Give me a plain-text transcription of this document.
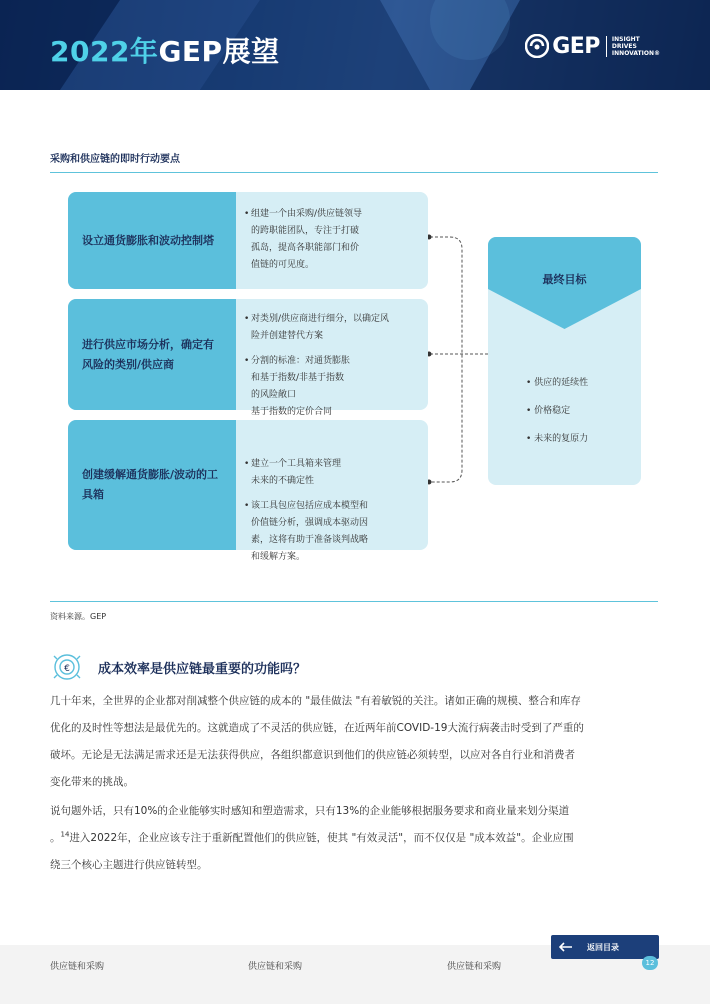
2022年GEP展望	GEP INSIGHT
DRIVES
INNOVATION®
采购和供应链的即时行动要点
设立通货膨胀和波动控制塔
• 组建一个由采购/供应链领导
的跨职能团队，专注于打破
孤岛，提高各职能部门和价
值链的可见度。
进行供应市场分析，确定有风险的类别/供应商
• 对类别/供应商进行细分，以确定风
险并创建替代方案
• 分割的标准：对通货膨胀
和基于指数/非基于指数
的风险敞口
基于指数的定价合同
创建缓解通货膨胀/波动的工具箱
• 建立一个工具箱来管理
未来的不确定性
• 该工具包应包括应成本模型和
价值链分析，强调成本驱动因
素，这将有助于准备谈判战略
和缓解方案。
最终目标
• 供应的延续性
• 价格稳定
• 未来的复原力
资料来源。GEP
€ 成本效率是供应链最重要的功能吗？
几十年来，全世界的企业都对削减整个供应链的成本的 "最佳做法 "有着敏锐的关注。诸如正确的规模、整合和库存
优化的及时性等想法是最优先的。这就造成了不灵活的供应链，在近两年前COVID-19大流行病袭击时受到了严重的
破坏。无论是无法满足需求还是无法获得供应，各组织都意识到他们的供应链必须转型，以应对各自行业和消费者
变化带来的挑战。
说句题外话，只有10%的企业能够实时感知和塑造需求，只有13%的企业能够根据服务要求和商业量来划分渠道
。$^{14}$进入2022年，企业应该专注于重新配置他们的供应链，使其 "有效灵活"，而不仅仅是 "成本效益"。企业应围
绕三个核心主题进行供应链转型。
供应链和采购	供应链和采购	供应链和采购
返回目录
12
